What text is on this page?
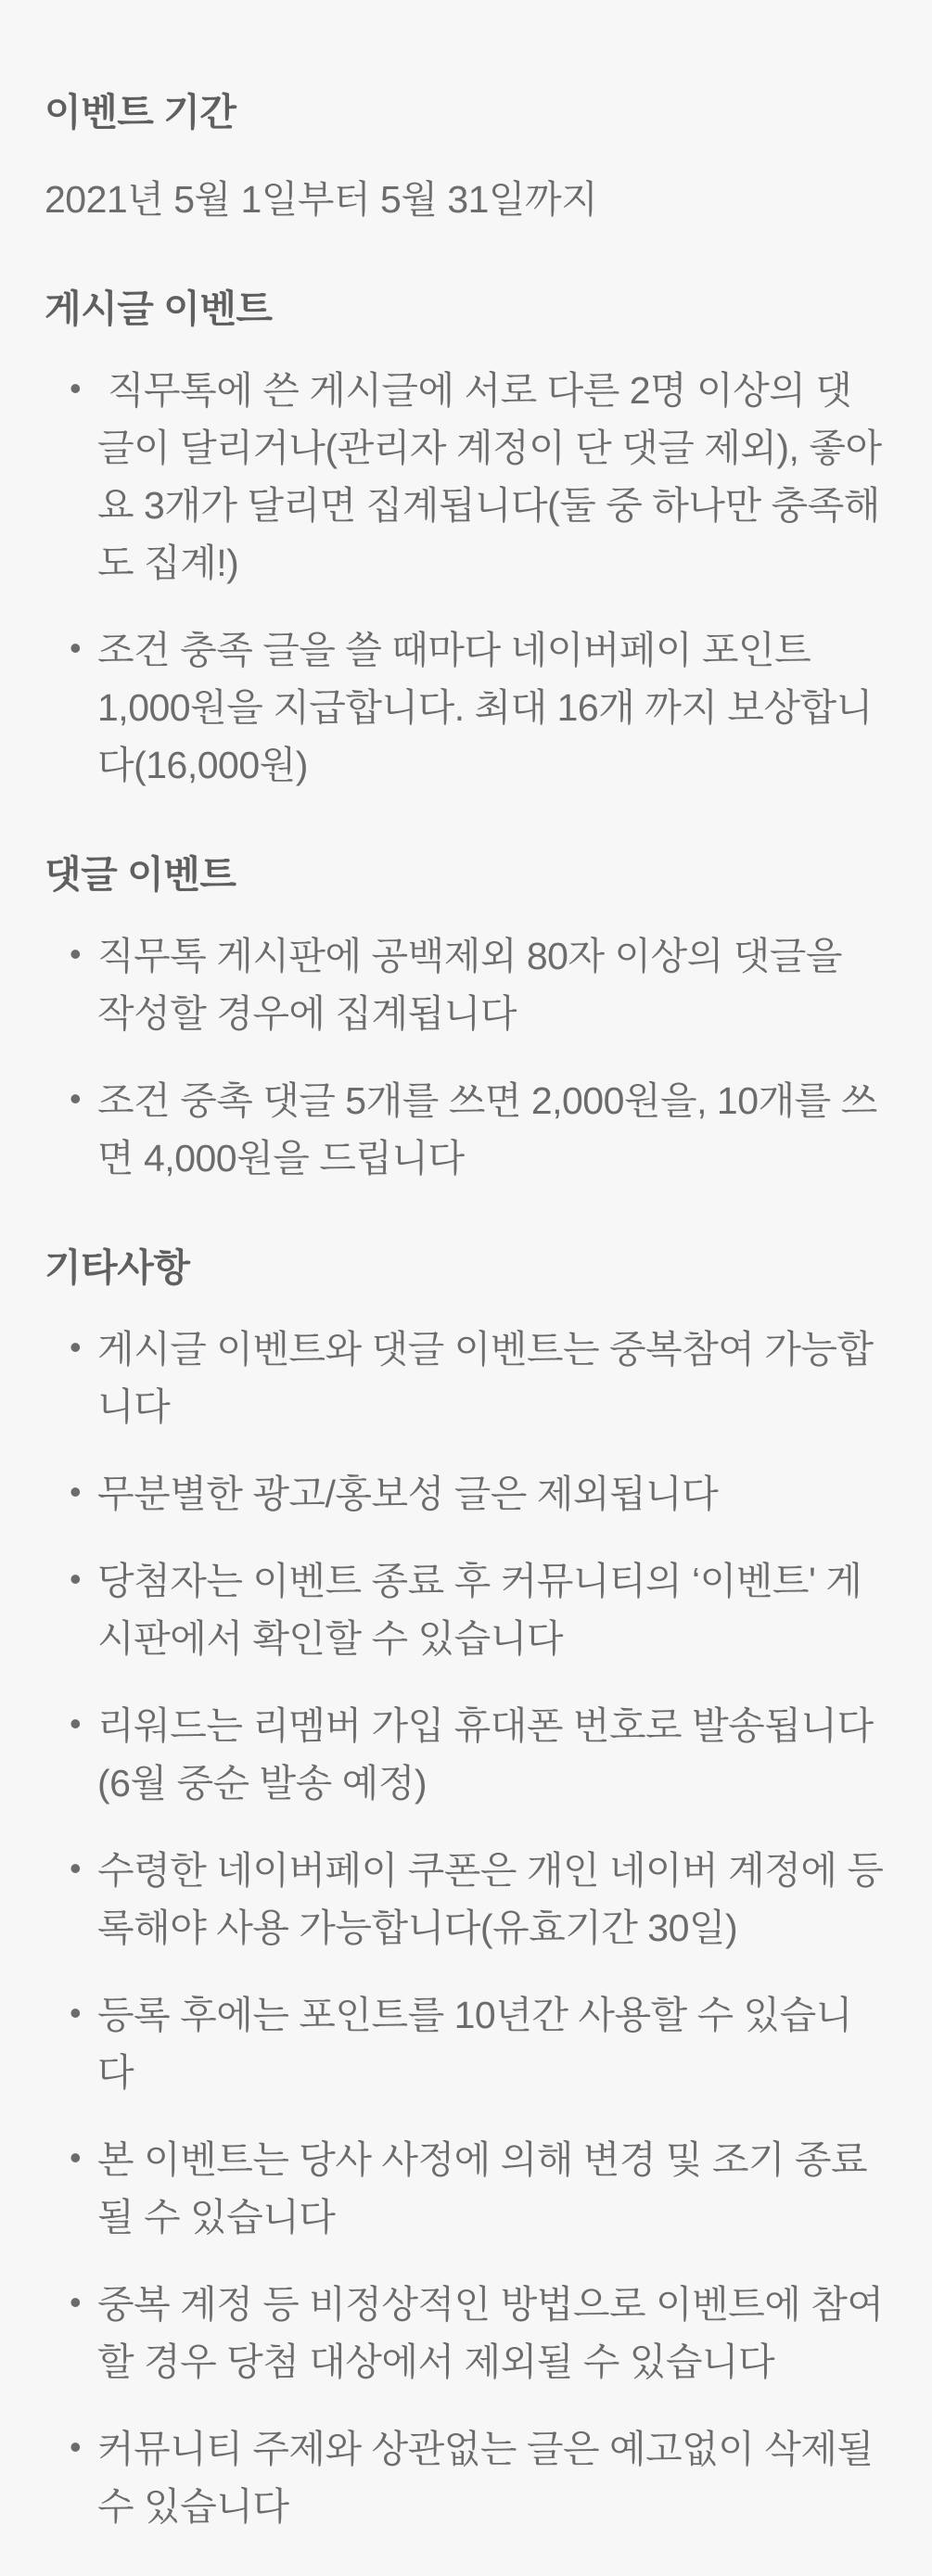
이벤트 기간

2021년 5월 1일부터 5월 31일까지

게시글 이벤트
• 직무톡에 쓴 게시글에 서로 다른 2명 이상의 댓글이 달리거나(관리자 계정이 단 댓글 제외), 좋아요 3개가 달리면 집계됩니다(둘 중 하나만 충족해도 집계!)
• 조건 충족 글을 쓸 때마다 네이버페이 포인트 1,000원을 지급합니다. 최대 16개 까지 보상합니다(16,000원)
댓글 이벤트
• 직무톡 게시판에 공백제외 80자 이상의 댓글을 작성할 경우에 집계됩니다
• 조건 중촉 댓글 5개를 쓰면 2,000원을, 10개를 쓰면 4,000원을 드립니다
기타사항
• 게시글 이벤트와 댓글 이벤트는 중복참여 가능합니다
• 무분별한 광고/홍보성 글은 제외됩니다
• 당첨자는 이벤트 종료 후 커뮤니티의 ‘이벤트' 게시판에서 확인할 수 있습니다
• 리워드는 리멤버 가입 휴대폰 번호로 발송됩니다(6월 중순 발송 예정)
• 수령한 네이버페이 쿠폰은 개인 네이버 계정에 등록해야 사용 가능합니다(유효기간 30일)
• 등록 후에는 포인트를 10년간 사용할 수 있습니다
• 본 이벤트는 당사 사정에 의해 변경 및 조기 종료될 수 있습니다
• 중복 계정 등 비정상적인 방법으로 이벤트에 참여할 경우 당첨 대상에서 제외될 수 있습니다
• 커뮤니티 주제와 상관없는 글은 예고없이 삭제될 수 있습니다
